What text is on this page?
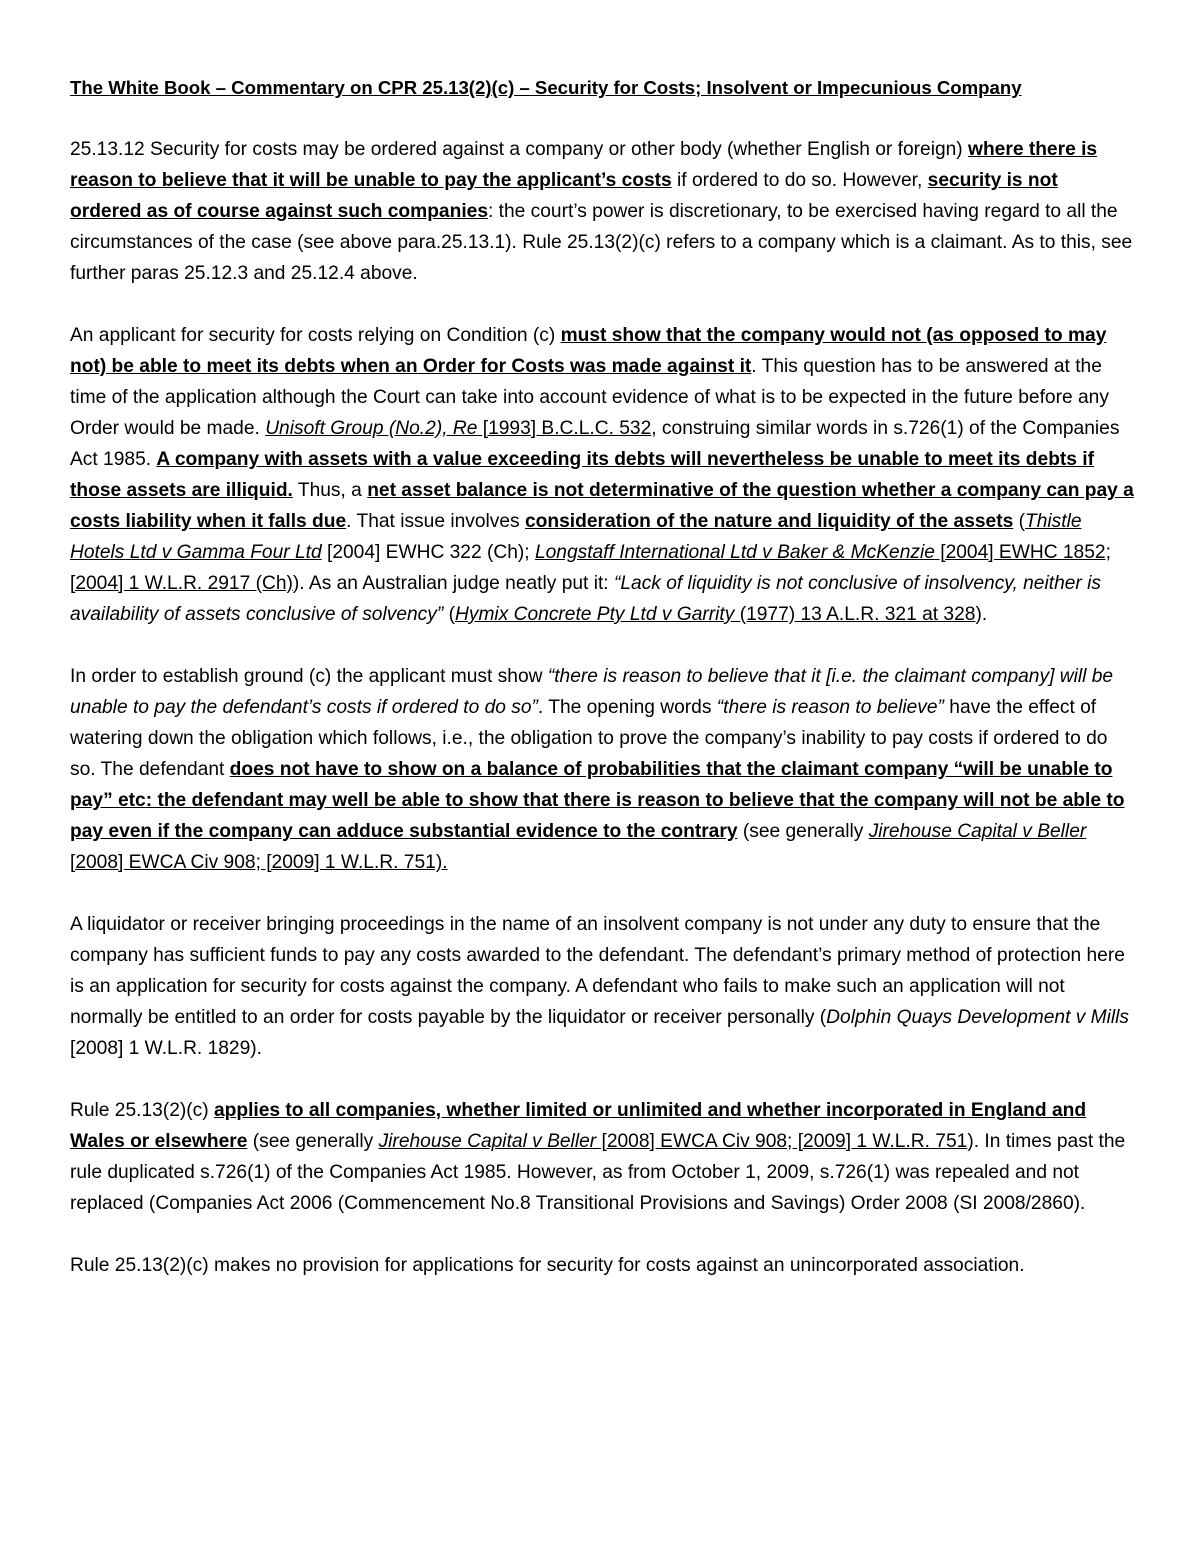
The White Book – Commentary on CPR 25.13(2)(c) – Security for Costs; Insolvent or Impecunious Company

25.13.12 Security for costs may be ordered against a company or other body (whether English or foreign) where there is reason to believe that it will be unable to pay the applicant’s costs if ordered to do so. However, security is not ordered as of course against such companies: the court’s power is discretionary, to be exercised having regard to all the circumstances of the case (see above para.25.13.1). Rule 25.13(2)(c) refers to a company which is a claimant. As to this, see further paras 25.12.3 and 25.12.4 above.

An applicant for security for costs relying on Condition (c) must show that the company would not (as opposed to may not) be able to meet its debts when an Order for Costs was made against it. This question has to be answered at the time of the application although the Court can take into account evidence of what is to be expected in the future before any Order would be made. Unisoft Group (No.2), Re [1993] B.C.L.C. 532, construing similar words in s.726(1) of the Companies Act 1985. A company with assets with a value exceeding its debts will nevertheless be unable to meet its debts if those assets are illiquid. Thus, a net asset balance is not determinative of the question whether a company can pay a costs liability when it falls due. That issue involves consideration of the nature and liquidity of the assets (Thistle Hotels Ltd v Gamma Four Ltd [2004] EWHC 322 (Ch); Longstaff International Ltd v Baker & McKenzie [2004] EWHC 1852; [2004] 1 W.L.R. 2917 (Ch)). As an Australian judge neatly put it: “Lack of liquidity is not conclusive of insolvency, neither is availability of assets conclusive of solvency” (Hymix Concrete Pty Ltd v Garrity (1977) 13 A.L.R. 321 at 328).

In order to establish ground (c) the applicant must show “there is reason to believe that it [i.e. the claimant company] will be unable to pay the defendant’s costs if ordered to do so”. The opening words “there is reason to believe” have the effect of watering down the obligation which follows, i.e., the obligation to prove the company’s inability to pay costs if ordered to do so. The defendant does not have to show on a balance of probabilities that the claimant company “will be unable to pay” etc: the defendant may well be able to show that there is reason to believe that the company will not be able to pay even if the company can adduce substantial evidence to the contrary (see generally Jirehouse Capital v Beller [2008] EWCA Civ 908; [2009] 1 W.L.R. 751).

A liquidator or receiver bringing proceedings in the name of an insolvent company is not under any duty to ensure that the company has sufficient funds to pay any costs awarded to the defendant. The defendant’s primary method of protection here is an application for security for costs against the company. A defendant who fails to make such an application will not normally be entitled to an order for costs payable by the liquidator or receiver personally (Dolphin Quays Development v Mills [2008] 1 W.L.R. 1829).

Rule 25.13(2)(c) applies to all companies, whether limited or unlimited and whether incorporated in England and Wales or elsewhere (see generally Jirehouse Capital v Beller [2008] EWCA Civ 908; [2009] 1 W.L.R. 751). In times past the rule duplicated s.726(1) of the Companies Act 1985. However, as from October 1, 2009, s.726(1) was repealed and not replaced (Companies Act 2006 (Commencement No.8 Transitional Provisions and Savings) Order 2008 (SI 2008/2860).

Rule 25.13(2)(c) makes no provision for applications for security for costs against an unincorporated association.
